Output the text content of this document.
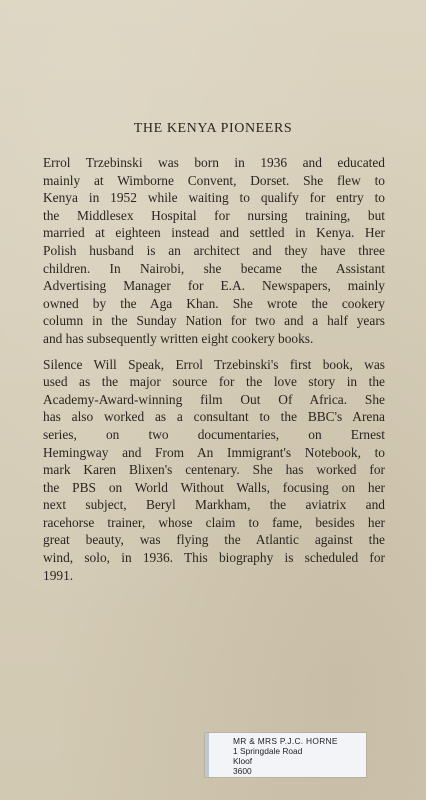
THE KENYA PIONEERS
Errol Trzebinski was born in 1936 and educated
mainly at Wimborne Convent, Dorset. She flew to
Kenya in 1952 while waiting to qualify for entry to
the Middlesex Hospital for nursing training, but
married at eighteen instead and settled in Kenya. Her
Polish husband is an architect and they have three
children. In Nairobi, she became the Assistant
Advertising Manager for E.A. Newspapers, mainly
owned by the Aga Khan. She wrote the cookery
column in the Sunday Nation for two and a half years
and has subsequently written eight cookery books.
Silence Will Speak, Errol Trzebinski's first book, was
used as the major source for the love story in the
Academy-Award-winning film Out Of Africa. She
has also worked as a consultant to the BBC's Arena
series, on two documentaries, on Ernest
Hemingway and From An Immigrant's Notebook, to
mark Karen Blixen's centenary. She has worked for
the PBS on World Without Walls, focusing on her
next subject, Beryl Markham, the aviatrix and
racehorse trainer, whose claim to fame, besides her
great beauty, was flying the Atlantic against the
wind, solo, in 1936. This biography is scheduled for
1991.
MR & MRS P.J.C. HORNE
1 Springdale Road
Kloof
3600
